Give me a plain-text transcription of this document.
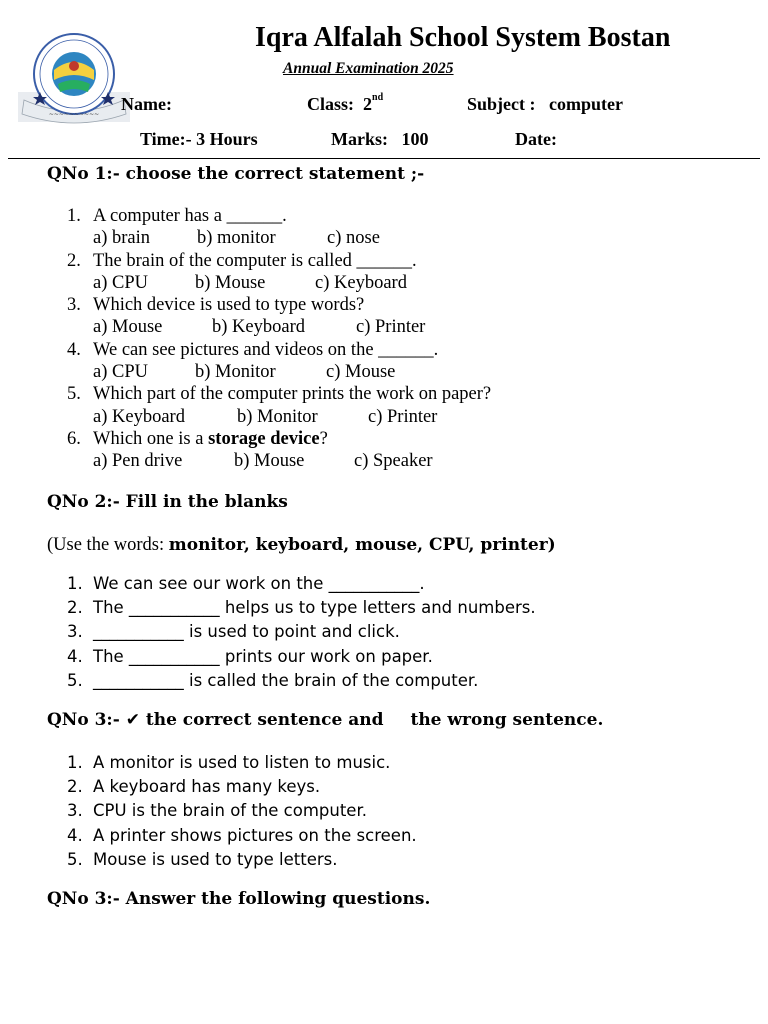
~~~~~~~~~~
Iqra Alfalah School System Bostan
Annual Examination 2025
Name:	Class: 2nd	Subject : computer
Time:- 3 Hours	Marks: 100	Date:
QNo 1:- choose the correct statement ;-
1. A computer has a ______.
a) brain	b) monitor	c) nose
2. The brain of the computer is called ______.
a) CPU	b) Mouse	c) Keyboard
3. Which device is used to type words?
a) Mouse	b) Keyboard	c) Printer
4. We can see pictures and videos on the ______.
a) CPU	b) Monitor	c) Mouse
5. Which part of the computer prints the work on paper?
a) Keyboard	b) Monitor	c) Printer
6. Which one is a storage device?
a) Pen drive	b) Mouse	c) Speaker
QNo 2:- Fill in the blanks
(Use the words: monitor, keyboard, mouse, CPU, printer)
1. We can see our work on the ___________.
2. The ___________ helps us to type letters and numbers.
3. ___________ is used to point and click.
4. The ___________ prints our work on paper.
5. ___________ is called the brain of the computer.
QNo 3:- ✔ the correct sentence and the wrong sentence.
1. A monitor is used to listen to music.
2. A keyboard has many keys.
3. CPU is the brain of the computer.
4. A printer shows pictures on the screen.
5. Mouse is used to type letters.
QNo 3:- Answer the following questions.
